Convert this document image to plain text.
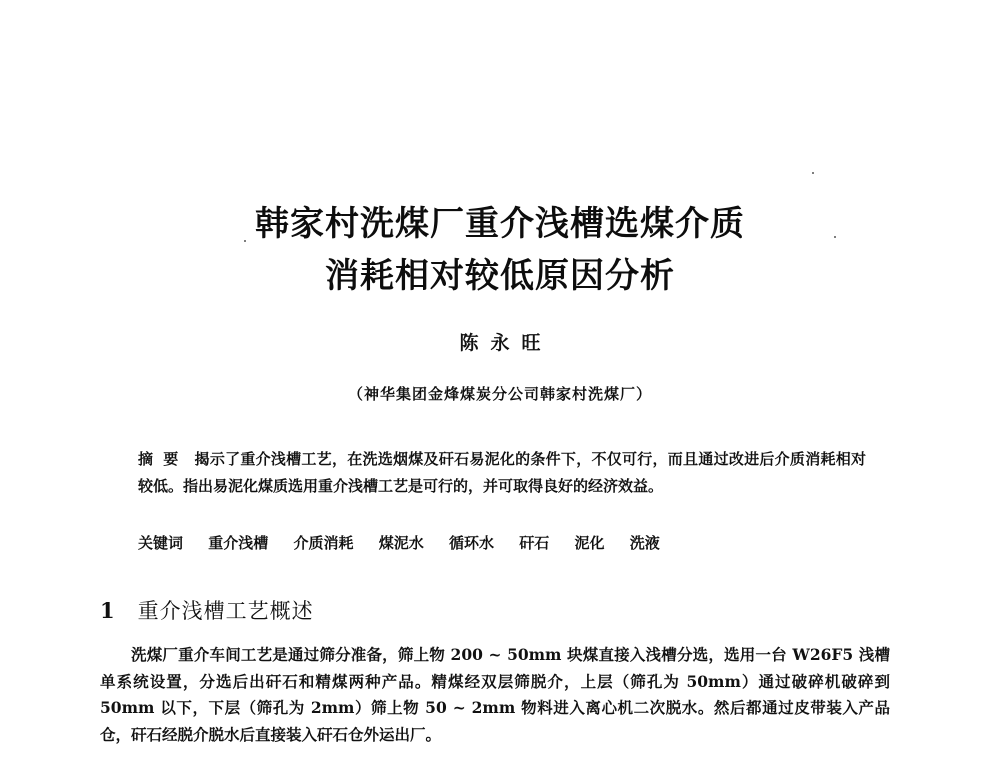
韩家村洗煤厂重介浅槽选煤介质
消耗相对较低原因分析
陈永旺
（神华集团金烽煤炭分公司韩家村洗煤厂）
摘要 揭示了重介浅槽工艺，在洗选烟煤及矸石易泥化的条件下，不仅可行，而且通过改进后介质消耗相对较低。指出易泥化煤质选用重介浅槽工艺是可行的，并可取得良好的经济效益。
关键词 重介浅槽 介质消耗 煤泥水 循环水 矸石 泥化 洗液
1 重介浅槽工艺概述
洗煤厂重介车间工艺是通过筛分准备，筛上物 200 ~ 50mm 块煤直接入浅槽分选，选用一台 W26F5 浅槽单系统设置，分选后出矸石和精煤两种产品。精煤经双层筛脱介，上层（筛孔为 50mm）通过破碎机破碎到 50mm 以下，下层（筛孔为 2mm）筛上物 50 ~ 2mm 物料进入离心机二次脱水。然后都通过皮带装入产品仓，矸石经脱介脱水后直接装入矸石仓外运出厂。
